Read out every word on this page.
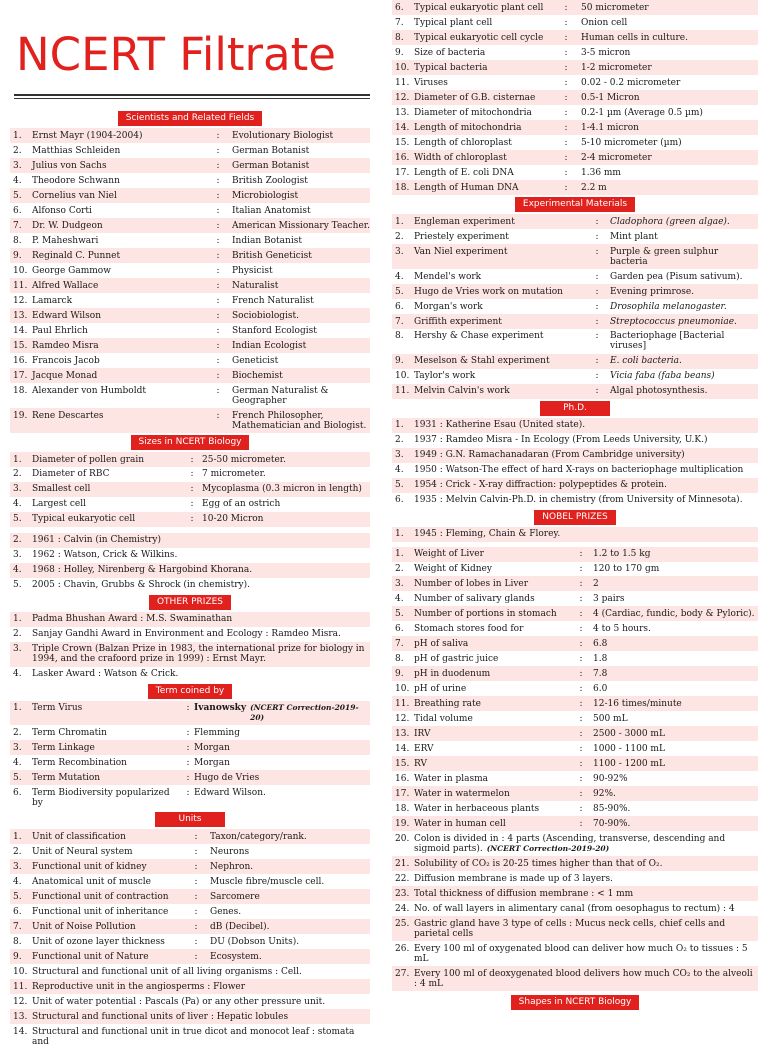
NCERT Filtrate
Scientists and Related Fields
1.	Ernst Mayr (1904-2004)	:	Evolutionary Biologist
2.	Matthias Schleiden	:	German Botanist
3.	Julius von Sachs	:	German Botanist
4.	Theodore Schwann	:	British Zoologist
5.	Cornelius van Niel	:	Microbiologist
6.	Alfonso Corti	:	Italian Anatomist
7.	Dr. W. Dudgeon	:	American Missionary Teacher.
8.	P. Maheshwari	:	Indian Botanist
9.	Reginald C. Punnet	:	British Geneticist
10. George Gammow	:	Physicist
11. Alfred Wallace	:	Naturalist
12. Lamarck	:	French Naturalist
13. Edward Wilson	:	Sociobiologist.
14. Paul Ehrlich	:	Stanford Ecologist
15. Ramdeo Misra	:	Indian Ecologist
16. Francois Jacob	:	Geneticist
17. Jacque Monad	:	Biochemist
18. Alexander von Humboldt	:	German Naturalist & Geographer
19. Rene Descartes	:	French Philosopher, Mathematician and Biologist.
Sizes in NCERT Biology
1.	Diameter of pollen grain	: 25-50 micrometer.
2.	Diameter of RBC	: 7 micrometer.
3.	Smallest cell	: Mycoplasma (0.3 micron in length)
4.	Largest cell	: Egg of an ostrich
5.	Typical eukaryotic cell	: 10-20 Micron
2.	1961 : Calvin (in Chemistry)
3.	1962 : Watson, Crick & Wilkins.
4.	1968 : Holley, Nirenberg & Hargobind Khorana.
5.	2005 : Chavin, Grubbs & Shrock (in chemistry).
OTHER PRIZES
1.	Padma Bhushan Award : M.S. Swaminathan
2.	Sanjay Gandhi Award in Environment and Ecology : Ramdeo Misra.
3.	Triple Crown (Balzan Prize in 1983, the international prize for biology in 1994, and the crafoord prize in 1999) : Ernst Mayr.
4.	Lasker Award : Watson & Crick.
Term coined by
1.	Term Virus	: Ivanowsky (NCERT Correction-2019-20)
2.	Term Chromatin	: Flemming
3.	Term Linkage	: Morgan
4.	Term Recombination	: Morgan
5.	Term Mutation	: Hugo de Vries
6.	Term Biodiversity popularized by
: Edward Wilson.
Units
1.	Unit of classification	:	Taxon/category/rank.
2.	Unit of Neural system	:	Neurons
3.	Functional unit of kidney	:	Nephron.
4.	Anatomical unit of muscle	:	Muscle fibre/muscle cell.
5.	Functional unit of contraction	:	Sarcomere
6.	Functional unit of inheritance	:	Genes.
7.	Unit of Noise Pollution	:	dB (Decibel).
8.	Unit of ozone layer thickness	:	DU (Dobson Units).
9.	Functional unit of Nature	:	Ecosystem.
10. Structural and functional unit of all living organisms : Cell.
11. Reproductive unit in the angiosperms : Flower
12. Unit of water potential : Pascals (Pa) or any other pressure unit.
13. Structural and functional units of liver : Hepatic lobules
14. Structural and functional unit in true dicot and monocot leaf : stomata and
6.	Typical eukaryotic plant cell	:	50 micrometer
7.	Typical plant cell	:	Onion cell
8.	Typical eukaryotic cell cycle	:	Human cells in culture.
9.	Size of bacteria	:	3-5 micron
10. Typical bacteria	:	1-2 micrometer
11. Viruses	:	0.02 - 0.2 micrometer
12. Diameter of G.B. cisternae	:	0.5-1 Micron
13. Diameter of mitochondria	:	0.2-1 µm (Average 0.5 µm)
14. Length of mitochondria	:	1-4.1 micron
15. Length of chloroplast	:	5-10 micrometer (µm)
16. Width of chloroplast	:	2-4 micrometer
17. Length of E. coli DNA	:	1.36 mm
18. Length of Human DNA	:	2.2 m
Experimental Materials
1.	Engleman experiment	:	Cladophora (green algae).
2.	Priestely experiment	:	Mint plant
3.	Van Niel experiment	:	Purple & green sulphur bacteria
4.	Mendel's work	:	Garden pea (Pisum sativum).
5.	Hugo de Vries work on mutation	:	Evening primrose.
6.	Morgan's work	:	Drosophila melanogaster.
7.	Griffith experiment	:	Streptococcus pneumoniae.
8.	Hershy & Chase experiment	:	Bacteriophage [Bacterial viruses]
9.	Meselson & Stahl experiment	:	E. coli bacteria.
10. Taylor's work	:	Vicia faba (faba beans)
11. Melvin Calvin's work	:	Algal photosynthesis.
Ph.D.
1.	1931 : Katherine Esau (United state).
2.	1937 : Ramdeo Misra - In Ecology (From Leeds University, U.K.)
3.	1949 : G.N. Ramachanadaran (From Cambridge university)
4.	1950 : Watson-The effect of hard X-rays on bacteriophage multiplication
5.	1954 : Crick - X-ray diffraction: polypeptides & protein.
6.	1935 : Melvin Calvin-Ph.D. in chemistry (from University of Minnesota).
NOBEL PRIZES
1.	1945 : Fleming, Chain & Florey.
1.	Weight of Liver	:	1.2 to 1.5 kg
2.	Weight of Kidney	:	120 to 170 gm
3.	Number of lobes in Liver	:	2
4.	Number of salivary glands	:	3 pairs
5.	Number of portions in stomach	:	4 (Cardiac, fundic, body & Pyloric).
6.	Stomach stores food for	:	4 to 5 hours.
7.	pH of saliva	:	6.8
8.	pH of gastric juice	:	1.8
9.	pH in duodenum	:	7.8
10. pH of urine	:	6.0
11. Breathing rate	:	12-16 times/minute
12. Tidal volume	:	500 mL
13. IRV	:	2500 - 3000 mL
14. ERV	:	1000 - 1100 mL
15. RV	:	1100 - 1200 mL
16. Water in plasma	:	90-92%
17. Water in watermelon	:	92%.
18. Water in herbaceous plants	:	85-90%.
19. Water in human cell	:	70-90%.
20. Colon is divided in : 4 parts (Ascending, transverse, descending and sigmoid parts). (NCERT Correction-2019-20)
21. Solubility of CO₂ is 20-25 times higher than that of O₂.
22. Diffusion membrane is made up of 3 layers.
23. Total thickness of diffusion membrane : < 1 mm
24. No. of wall layers in alimentary canal (from oesophagus to rectum) : 4
25. Gastric gland have 3 type of cells : Mucus neck cells, chief cells and parietal cells
26. Every 100 ml of oxygenated blood can deliver how much O₂ to tissues : 5 mL
27. Every 100 ml of deoxygenated blood delivers how much CO₂ to the alveoli : 4 mL
Shapes in NCERT Biology
